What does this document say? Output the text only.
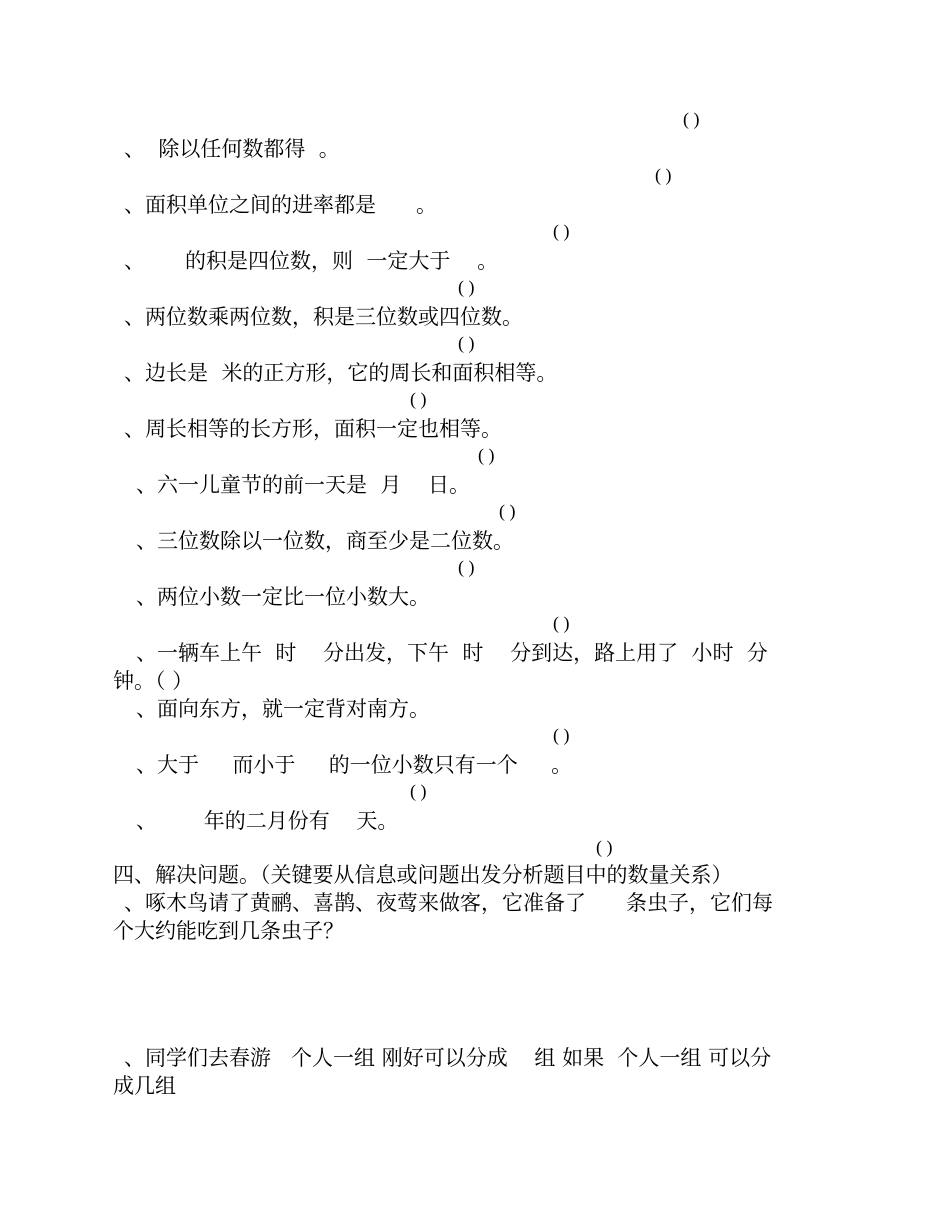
( )

、  除以任何数都得  。

( )

、面积单位之间的进率都是      。

( )

、      的积是四位数，则  一定大于    。

( )

、两位数乘两位数，积是三位数或四位数。

( )

、边长是  米的正方形，它的周长和面积相等。

( )

、周长相等的长方形，面积一定也相等。

( )

、六一儿童节的前一天是  月    日。

( )

、三位数除以一位数，商至少是二位数。

( )

、两位小数一定比一位小数大。

( )

、一辆车上午  时    分出发，下午  时    分到达，路上用了  小时  分

钟。（ ）

、面向东方，就一定背对南方。

( )

、大于     而小于     的一位小数只有一个     。

( )

、       年的二月份有    天。

( )

四、解决问题。（关键要从信息或问题出发分析题目中的数量关系）

、啄木鸟请了黄鹂、喜鹊、夜莺来做客，它准备了      条虫子，它们每

个大约能吃到几条虫子？

、同学们去春游   个人一组 刚好可以分成    组 如果  个人一组 可以分

成几组
